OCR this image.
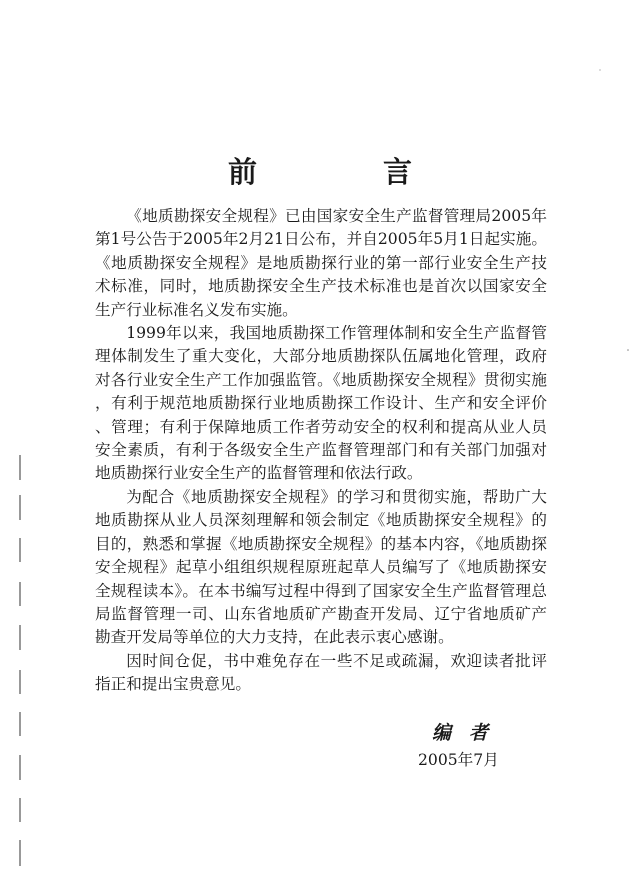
前 言

《地质勘探安全规程》已由国家安全生产监督管理局2005年第1号公告于2005年2月21日公布，并自2005年5月1日起实施。《地质勘探安全规程》是地质勘探行业的第一部行业安全生产技术标准，同时，地质勘探安全生产技术标准也是首次以国家安全生产行业标准名义发布实施。

1999年以来，我国地质勘探工作管理体制和安全生产监督管理体制发生了重大变化，大部分地质勘探队伍属地化管理，政府对各行业安全生产工作加强监管。《地质勘探安全规程》贯彻实施，有利于规范地质勘探行业地质勘探工作设计、生产和安全评价、管理；有利于保障地质工作者劳动安全的权利和提高从业人员安全素质，有利于各级安全生产监督管理部门和有关部门加强对地质勘探行业安全生产的监督管理和依法行政。

为配合《地质勘探安全规程》的学习和贯彻实施，帮助广大地质勘探从业人员深刻理解和领会制定《地质勘探安全规程》的目的，熟悉和掌握《地质勘探安全规程》的基本内容，《地质勘探安全规程》起草小组组织规程原班起草人员编写了《地质勘探安全规程读本》。在本书编写过程中得到了国家安全生产监督管理总局监督管理一司、山东省地质矿产勘查开发局、辽宁省地质矿产勘查开发局等单位的大力支持，在此表示衷心感谢。

因时间仓促，书中难免存在一些不足或疏漏，欢迎读者批评指正和提出宝贵意见。

编者
2005年7月
